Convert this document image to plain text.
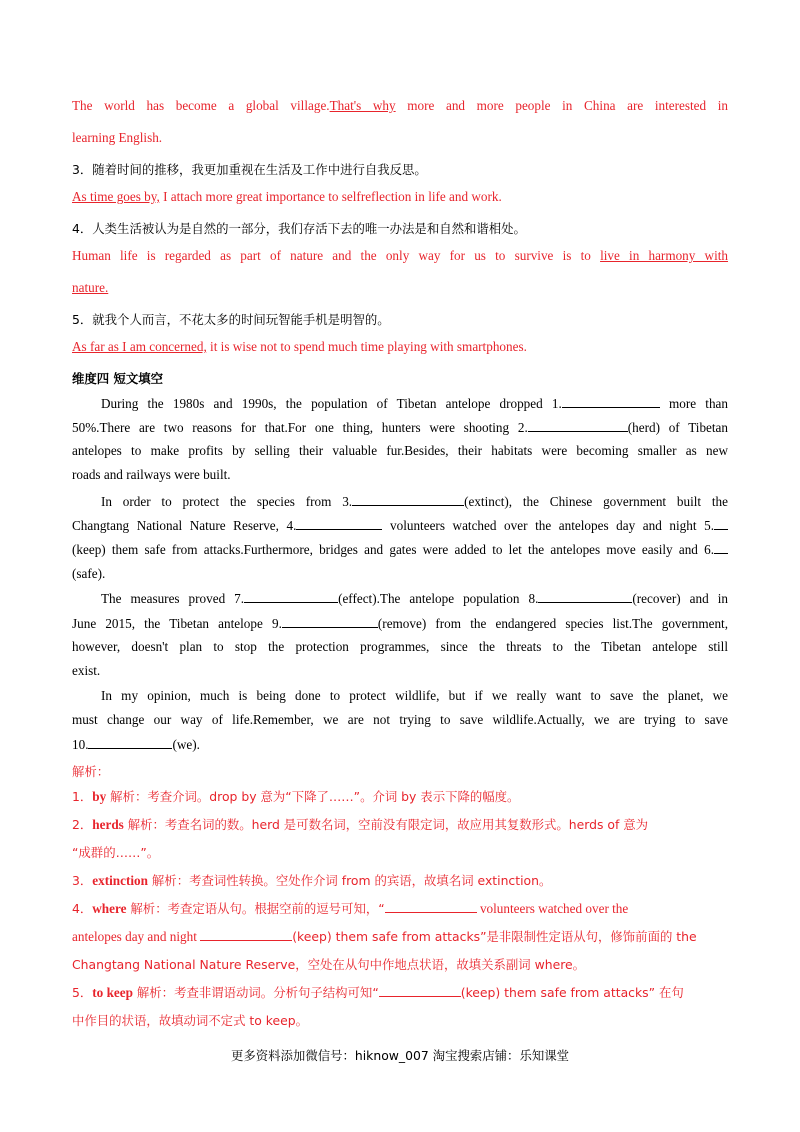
The world has become a global village.That's why more and more people in China are interested in
learning English.
3．随着时间的推移，我更加重视在生活及工作中进行自我反思。
As time goes by, I attach more great importance to selfreflection in life and work.
4．人类生活被认为是自然的一部分，我们存活下去的唯一办法是和自然和谐相处。
Human life is regarded as part of nature and the only way for us to survive is to live in harmony with
nature.
5．就我个人而言，不花太多的时间玩智能手机是明智的。
As far as I am concerned, it is wise not to spend much time playing with smartphones.
维度四 短文填空
During the 1980s and 1990s, the population of Tibetan antelope dropped 1.	more than
50%.There are two reasons for that.For one thing, hunters were shooting 2.	(herd) of Tibetan
antelopes to make profits by selling their valuable fur.Besides, their habitats were becoming smaller as new
roads and railways were built.
In order to protect the species from 3.	(extinct), the Chinese government built the
Changtang National Nature Reserve, 4.	volunteers watched over the antelopes day and night 5.
(keep) them safe from attacks.Furthermore, bridges and gates were added to let the antelopes move easily and 6.
(safe).
The measures proved 7.	(effect).The antelope population 8.	(recover) and in
June 2015, the Tibetan antelope 9.	(remove) from the endangered species list.The government,
however, doesn't plan to stop the protection programmes, since the threats to the Tibetan antelope still
exist.
In my opinion, much is being done to protect wildlife, but if we really want to save the planet, we
must change our way of life.Remember, we are not trying to save wildlife.Actually, we are trying to save
10.	(we).
解析：
1．by 解析：考查介词。drop by 意为“下降了……”。介词 by 表示下降的幅度。
2．herds 解析：考查名词的数。herd 是可数名词，空前没有限定词，故应用其复数形式。herds of 意为
“成群的……”。
3．extinction 解析：考查词性转换。空处作介词 from 的宾语，故填名词 extinction。
4．where 解析：考查定语从句。根据空前的逗号可知，“	volunteers watched over the
antelopes day and night	(keep) them safe from attacks”是非限制性定语从句，修饰前面的 the
Changtang National Nature Reserve，空处在从句中作地点状语，故填关系副词 where。
5．to keep 解析：考查非谓语动词。分析句子结构可知“	(keep) them safe from attacks” 在句
中作目的状语，故填动词不定式 to keep。
更多资料添加微信号：hiknow_007 淘宝搜索店铺：乐知课堂
